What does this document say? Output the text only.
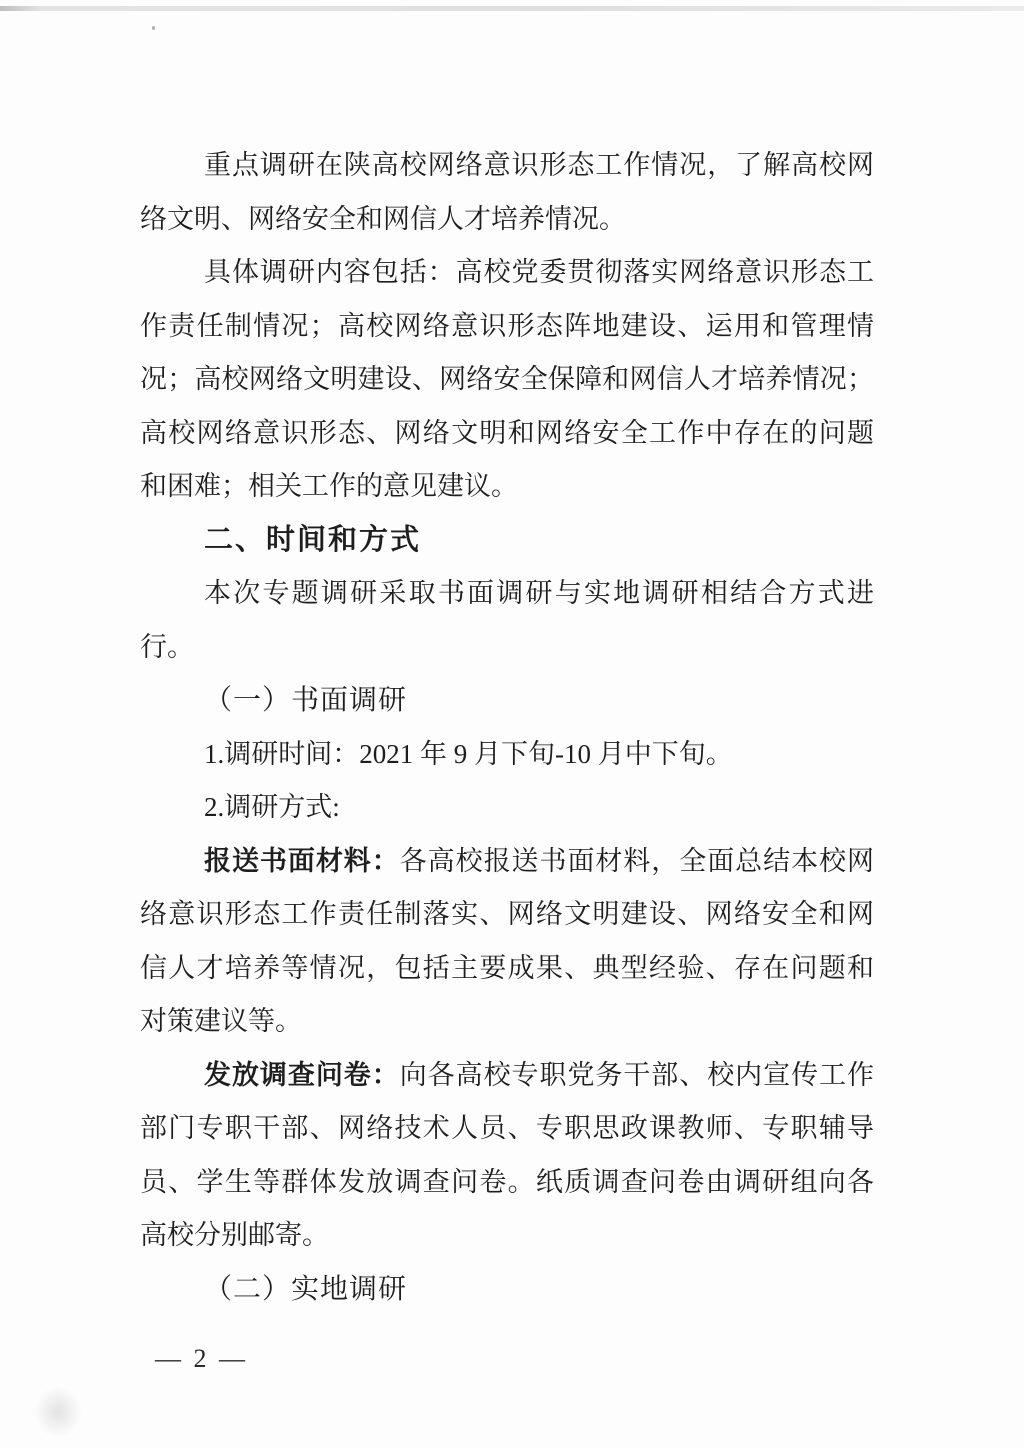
重点调研在陕高校网络意识形态工作情况，了解高校网

络文明、网络安全和网信人才培养情况。

具体调研内容包括：高校党委贯彻落实网络意识形态工

作责任制情况；高校网络意识形态阵地建设、运用和管理情

况；高校网络文明建设、网络安全保障和网信人才培养情况；

高校网络意识形态、网络文明和网络安全工作中存在的问题

和困难；相关工作的意见建议。

二、时间和方式

本次专题调研采取书面调研与实地调研相结合方式进

行。

（一）书面调研

1.调研时间：2021 年 9 月下旬-10 月中下旬。

2.调研方式:

报送书面材料：各高校报送书面材料，全面总结本校网

络意识形态工作责任制落实、网络文明建设、网络安全和网

信人才培养等情况，包括主要成果、典型经验、存在问题和

对策建议等。

发放调查问卷：向各高校专职党务干部、校内宣传工作

部门专职干部、网络技术人员、专职思政课教师、专职辅导

员、学生等群体发放调查问卷。纸质调查问卷由调研组向各

高校分别邮寄。

（二）实地调研

— 2 —
